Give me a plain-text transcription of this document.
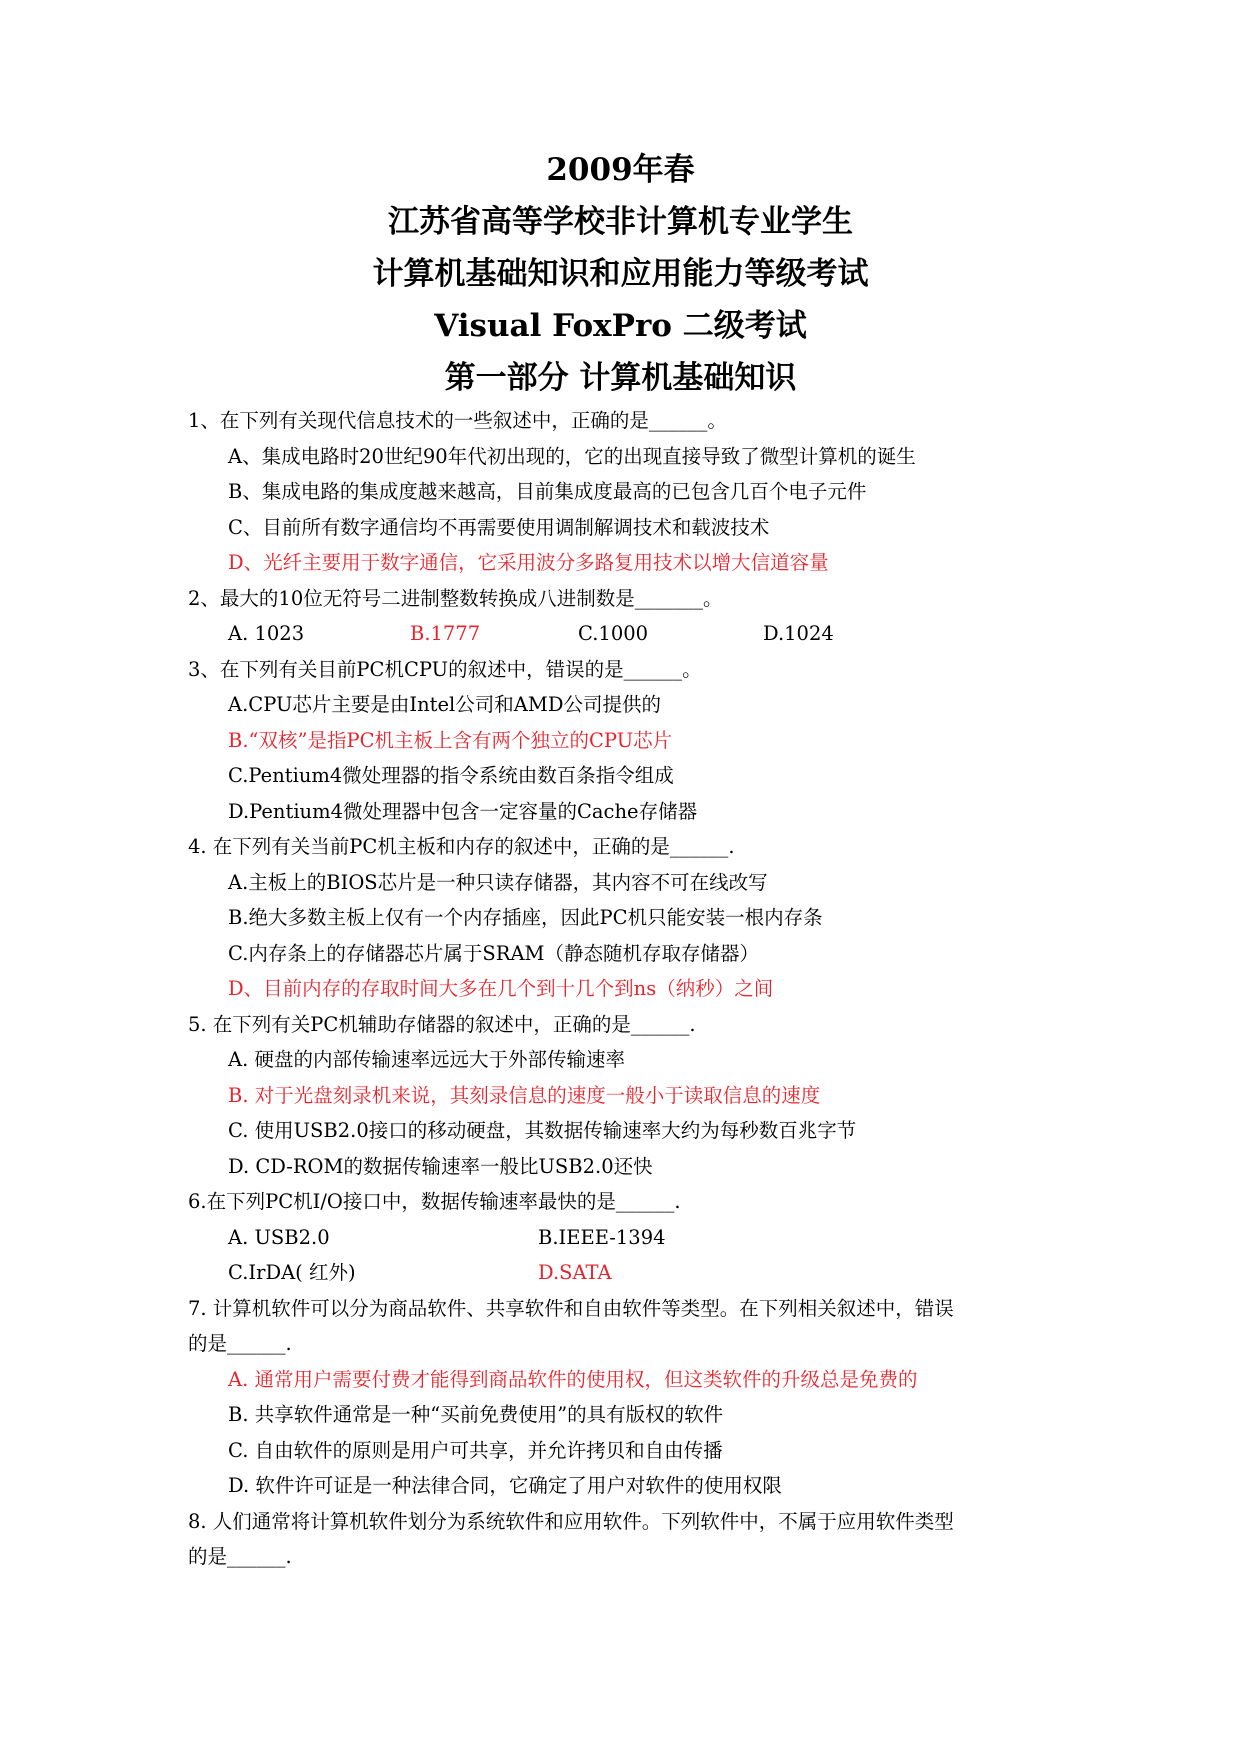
2009年春
江苏省高等学校非计算机专业学生
计算机基础知识和应用能力等级考试
Visual FoxPro 二级考试
第一部分 计算机基础知识
1、在下列有关现代信息技术的一些叙述中，正确的是______。
A、集成电路时20世纪90年代初出现的，它的出现直接导致了微型计算机的诞生
B、集成电路的集成度越来越高，目前集成度最高的已包含几百个电子元件
C、目前所有数字通信均不再需要使用调制解调技术和载波技术
D、光纤主要用于数字通信，它采用波分多路复用技术以增大信道容量
2、最大的10位无符号二进制整数转换成八进制数是_______。
A. 1023	B.1777	C.1000	D.1024
3、在下列有关目前PC机CPU的叙述中，错误的是______。
A.CPU芯片主要是由Intel公司和AMD公司提供的
B.“双核”是指PC机主板上含有两个独立的CPU芯片
C.Pentium4微处理器的指令系统由数百条指令组成
D.Pentium4微处理器中包含一定容量的Cache存储器
4. 在下列有关当前PC机主板和内存的叙述中，正确的是______.
A.主板上的BIOS芯片是一种只读存储器，其内容不可在线改写
B.绝大多数主板上仅有一个内存插座，因此PC机只能安装一根内存条
C.内存条上的存储器芯片属于SRAM（静态随机存取存储器）
D、目前内存的存取时间大多在几个到十几个到ns（纳秒）之间
5. 在下列有关PC机辅助存储器的叙述中，正确的是______.
A. 硬盘的内部传输速率远远大于外部传输速率
B. 对于光盘刻录机来说，其刻录信息的速度一般小于读取信息的速度
C. 使用USB2.0接口的移动硬盘，其数据传输速率大约为每秒数百兆字节
D. CD-ROM的数据传输速率一般比USB2.0还快
6.在下列PC机I/O接口中，数据传输速率最快的是______.
A. USB2.0	B.IEEE-1394
C.IrDA( 红外)	D.SATA
7. 计算机软件可以分为商品软件、共享软件和自由软件等类型。在下列相关叙述中，错误
的是______.
A. 通常用户需要付费才能得到商品软件的使用权，但这类软件的升级总是免费的
B. 共享软件通常是一种“买前免费使用”的具有版权的软件
C. 自由软件的原则是用户可共享，并允许拷贝和自由传播
D. 软件许可证是一种法律合同，它确定了用户对软件的使用权限
8. 人们通常将计算机软件划分为系统软件和应用软件。下列软件中，不属于应用软件类型
的是______.
